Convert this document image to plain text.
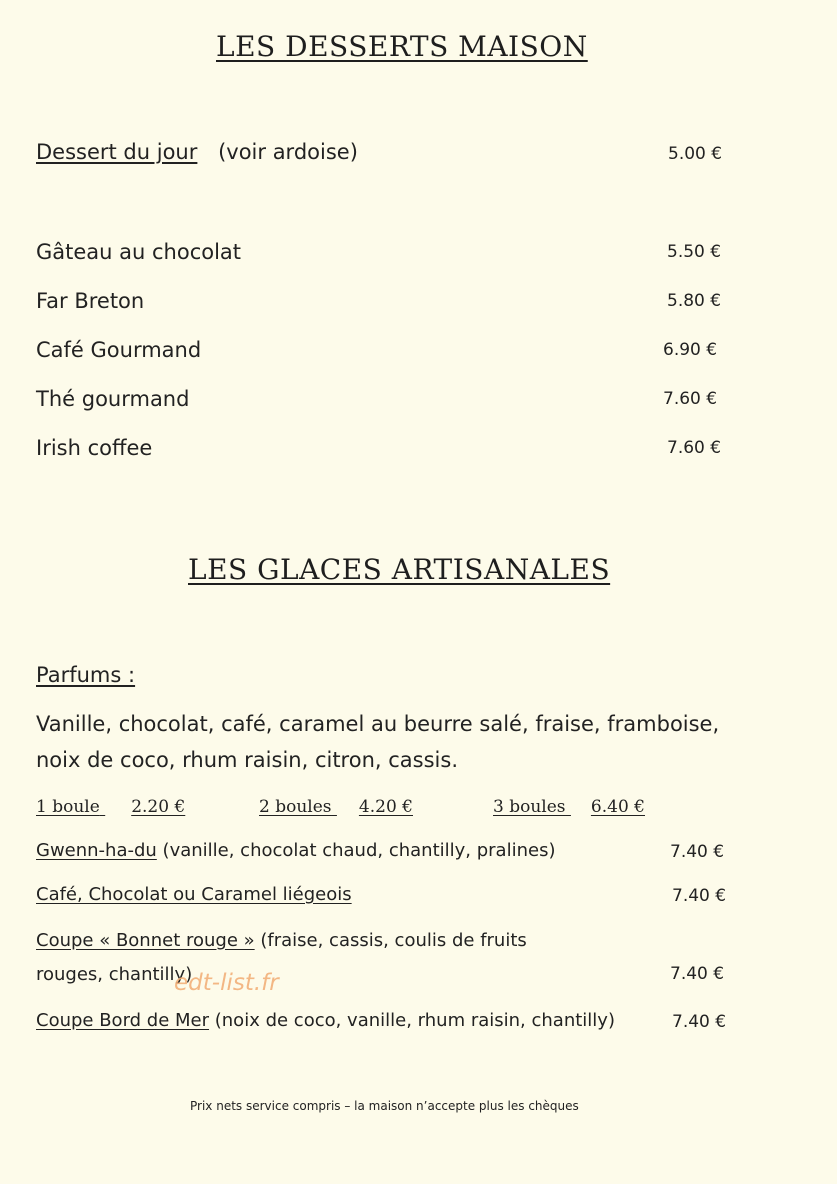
LES DESSERTS MAISON
Dessert du jour (voir ardoise)	5.00 €
Gâteau au chocolat	5.50 €
Far Breton	5.80 €
Café Gourmand	6.90 €
Thé gourmand	7.60 €
Irish coffee	7.60 €
LES GLACES ARTISANALES
Parfums :
Vanille, chocolat, café, caramel au beurre salé, fraise, framboise,
noix de coco, rhum raisin, citron, cassis.
1 boule 2.20 €	2 boules 4.20 €	3 boules 6.40 €
Gwenn-ha-du (vanille, chocolat chaud, chantilly, pralines)	7.40 €
Café, Chocolat ou Caramel liégeois	7.40 €
Coupe « Bonnet rouge » (fraise, cassis, coulis de fruits
rouges, chantilly)	7.40 €
edt-list.fr
Coupe Bord de Mer (noix de coco, vanille, rhum raisin, chantilly)	7.40 €
Prix nets service compris – la maison n’accepte plus les chèques
